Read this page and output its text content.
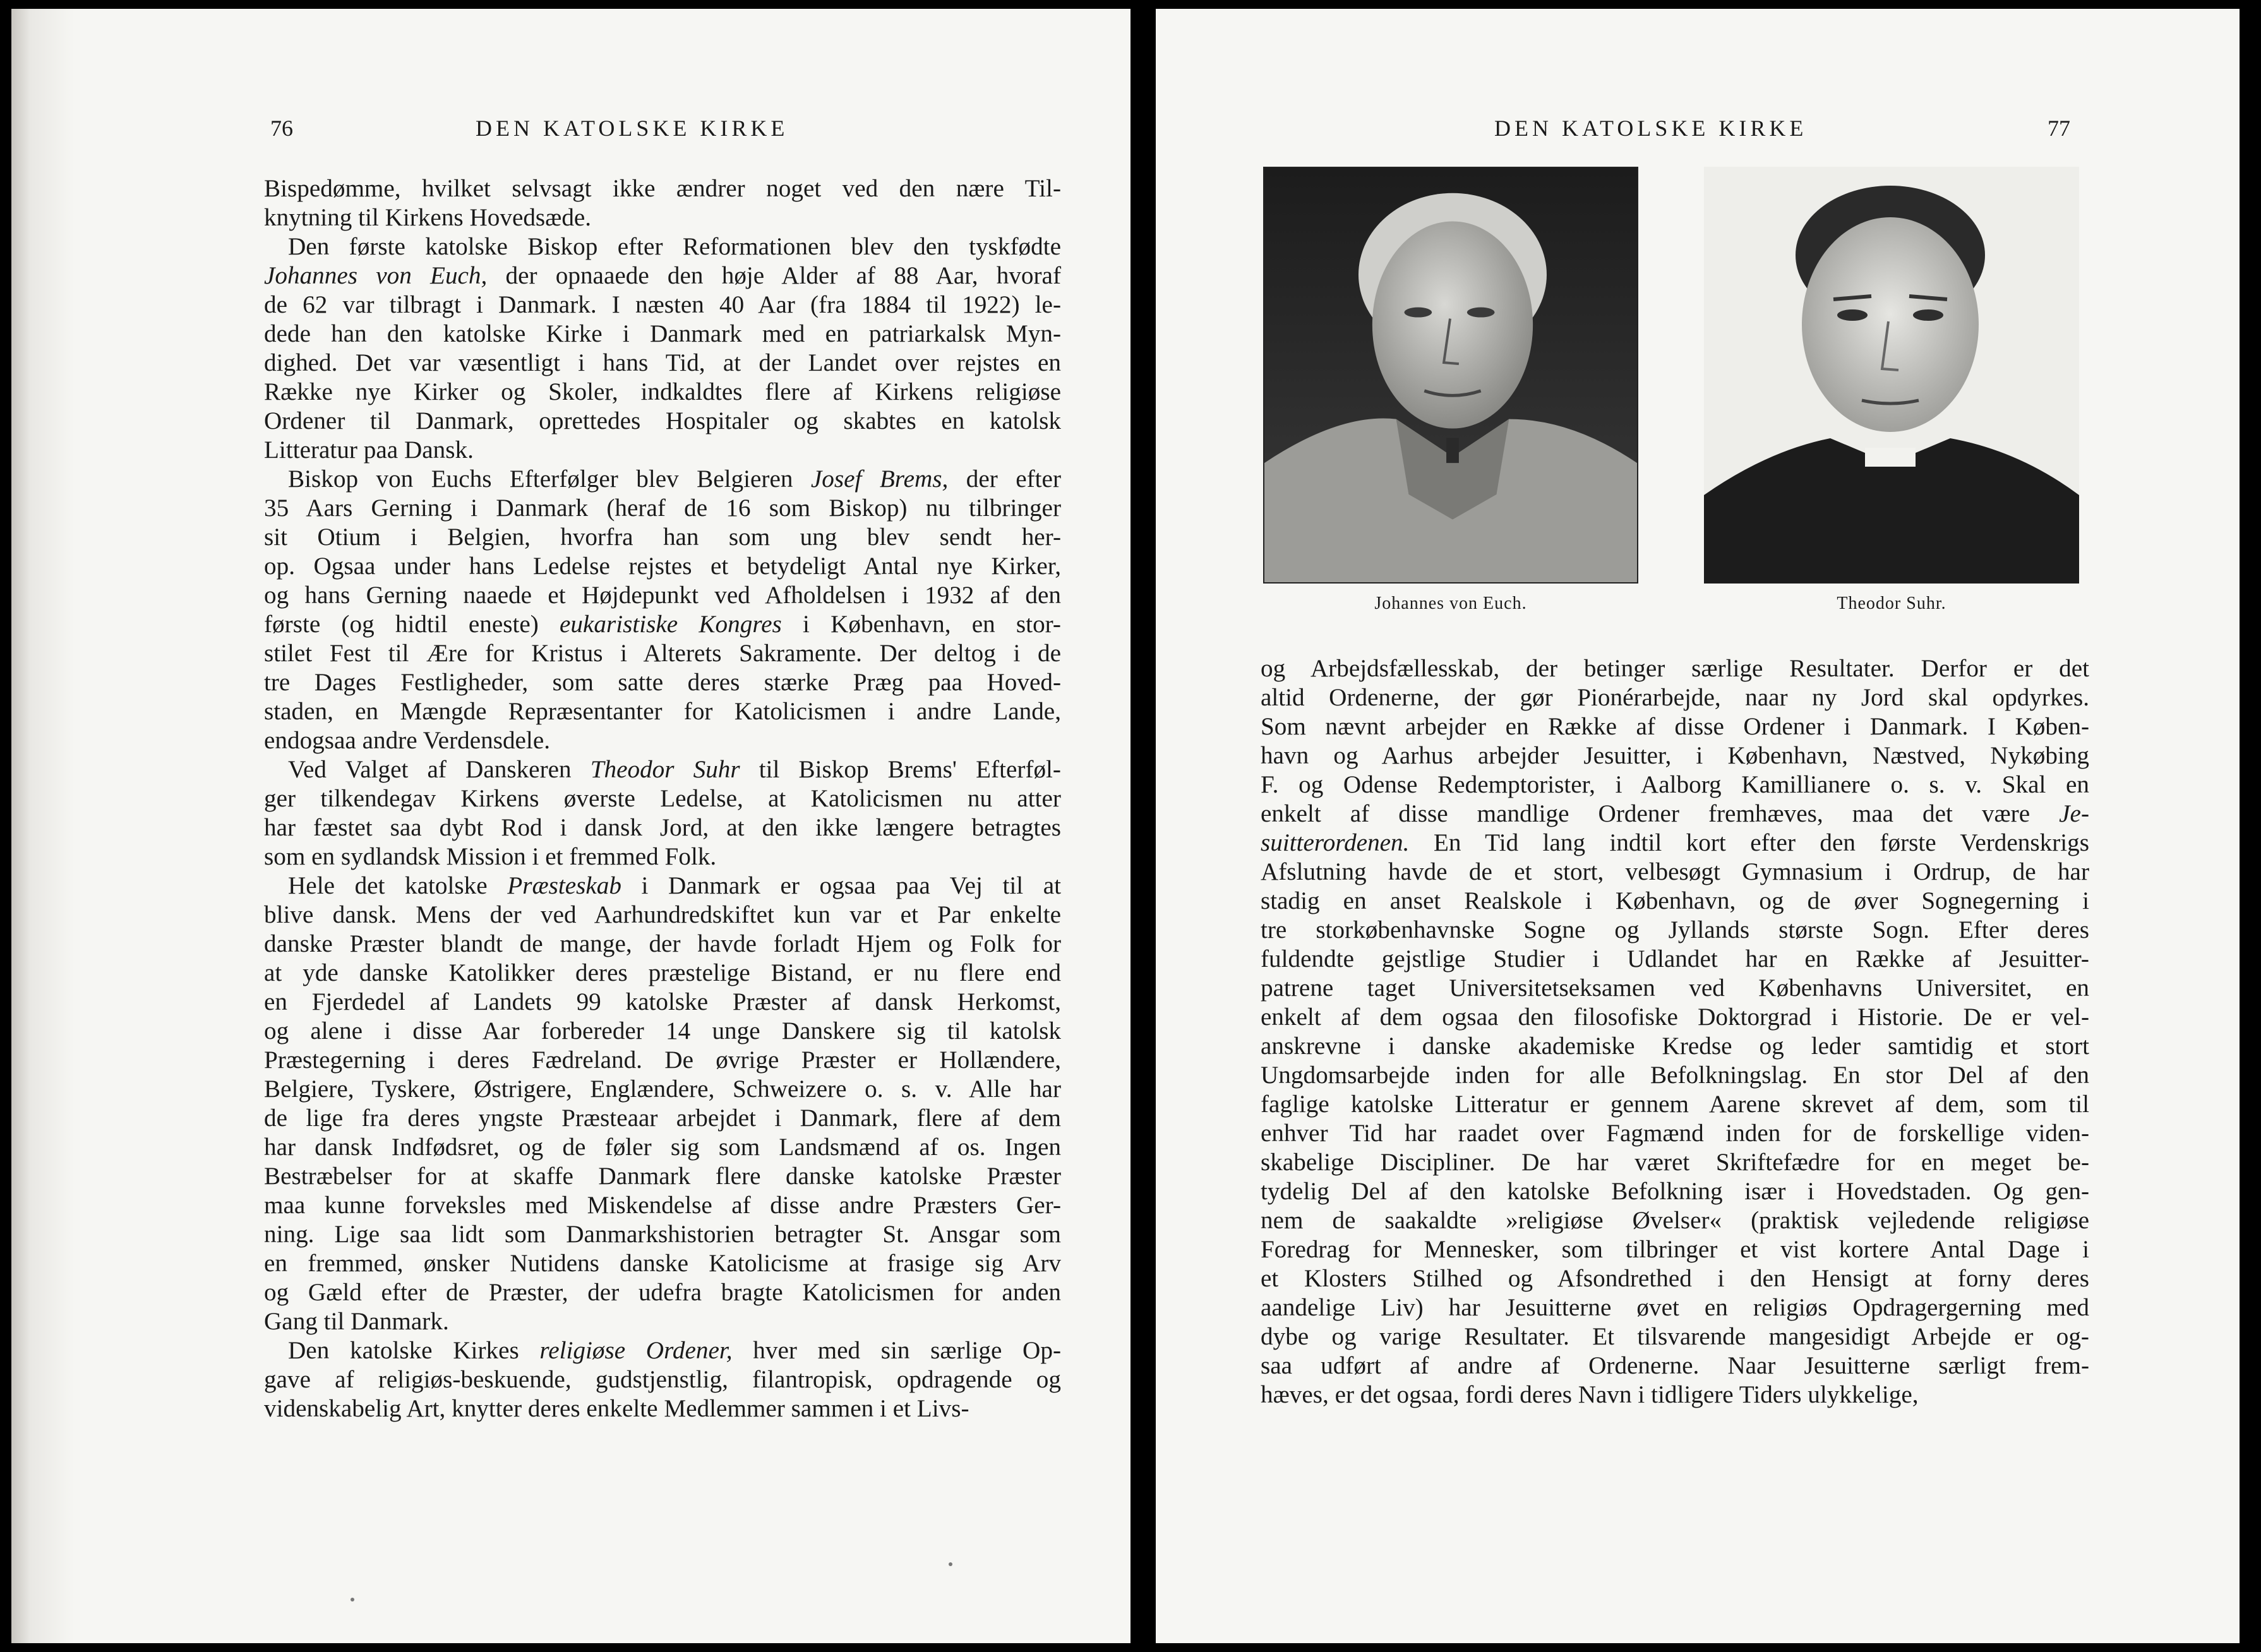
76	DEN KATOLSKE KIRKE

Bispedømme, hvilket selvsagt ikke ændrer noget ved den nære Til-
knytning til Kirkens Hovedsæde.

Den første katolske Biskop efter Reformationen blev den tyskfødte
Johannes von Euch, der opnaaede den høje Alder af 88 Aar, hvoraf
de 62 var tilbragt i Danmark. I næsten 40 Aar (fra 1884 til 1922) le-
dede han den katolske Kirke i Danmark med en patriarkalsk Myn-
dighed. Det var væsentligt i hans Tid, at der Landet over rejstes en
Række nye Kirker og Skoler, indkaldtes flere af Kirkens religiøse
Ordener til Danmark, oprettedes Hospitaler og skabtes en katolsk
Litteratur paa Dansk.

Biskop von Euchs Efterfølger blev Belgieren Josef Brems, der efter
35 Aars Gerning i Danmark (heraf de 16 som Biskop) nu tilbringer
sit Otium i Belgien, hvorfra han som ung blev sendt her-
op. Ogsaa under hans Ledelse rejstes et betydeligt Antal nye Kirker,
og hans Gerning naaede et Højdepunkt ved Afholdelsen i 1932 af den
første (og hidtil eneste) eukaristiske Kongres i København, en stor-
stilet Fest til Ære for Kristus i Alterets Sakramente. Der deltog i de
tre Dages Festligheder, som satte deres stærke Præg paa Hoved-
staden, en Mængde Repræsentanter for Katolicismen i andre Lande,
endogsaa andre Verdensdele.

Ved Valget af Danskeren Theodor Suhr til Biskop Brems' Efterføl-
ger tilkendegav Kirkens øverste Ledelse, at Katolicismen nu atter
har fæstet saa dybt Rod i dansk Jord, at den ikke længere betragtes
som en sydlandsk Mission i et fremmed Folk.

Hele det katolske Præsteskab i Danmark er ogsaa paa Vej til at
blive dansk. Mens der ved Aarhundredskiftet kun var et Par enkelte
danske Præster blandt de mange, der havde forladt Hjem og Folk for
at yde danske Katolikker deres præstelige Bistand, er nu flere end
en Fjerdedel af Landets 99 katolske Præster af dansk Herkomst,
og alene i disse Aar forbereder 14 unge Danskere sig til katolsk
Præstegerning i deres Fædreland. De øvrige Præster er Hollændere,
Belgiere, Tyskere, Østrigere, Englændere, Schweizere o. s. v. Alle har
de lige fra deres yngste Præsteaar arbejdet i Danmark, flere af dem
har dansk Indfødsret, og de føler sig som Landsmænd af os. Ingen
Bestræbelser for at skaffe Danmark flere danske katolske Præster
maa kunne forveksles med Miskendelse af disse andre Præsters Ger-
ning. Lige saa lidt som Danmarkshistorien betragter St. Ansgar som
en fremmed, ønsker Nutidens danske Katolicisme at frasige sig Arv
og Gæld efter de Præster, der udefra bragte Katolicismen for anden
Gang til Danmark.

Den katolske Kirkes religiøse Ordener, hver med sin særlige Op-
gave af religiøs-beskuende, gudstjenstlig, filantropisk, opdragende og
videnskabelig Art, knytter deres enkelte Medlemmer sammen i et Livs-

DEN KATOLSKE KIRKE	77
Johannes von Euch.	Theodor Suhr.

og Arbejdsfællesskab, der betinger særlige Resultater. Derfor er det
altid Ordenerne, der gør Pionérarbejde, naar ny Jord skal opdyrkes.
Som nævnt arbejder en Række af disse Ordener i Danmark. I Køben-
havn og Aarhus arbejder Jesuitter, i København, Næstved, Nykøbing
F. og Odense Redemptorister, i Aalborg Kamillianere o. s. v. Skal en
enkelt af disse mandlige Ordener fremhæves, maa det være Je-
suitterordenen. En Tid lang indtil kort efter den første Verdenskrigs
Afslutning havde de et stort, velbesøgt Gymnasium i Ordrup, de har
stadig en anset Realskole i København, og de øver Sognegerning i
tre storkøbenhavnske Sogne og Jyllands største Sogn. Efter deres
fuldendte gejstlige Studier i Udlandet har en Række af Jesuitter-
patrene taget Universitetseksamen ved Københavns Universitet, en
enkelt af dem ogsaa den filosofiske Doktorgrad i Historie. De er vel-
anskrevne i danske akademiske Kredse og leder samtidig et stort
Ungdomsarbejde inden for alle Befolkningslag. En stor Del af den
faglige katolske Litteratur er gennem Aarene skrevet af dem, som til
enhver Tid har raadet over Fagmænd inden for de forskellige viden-
skabelige Discipliner. De har været Skriftefædre for en meget be-
tydelig Del af den katolske Befolkning især i Hovedstaden. Og gen-
nem de saakaldte »religiøse Øvelser« (praktisk vejledende religiøse
Foredrag for Mennesker, som tilbringer et vist kortere Antal Dage i
et Klosters Stilhed og Afsondrethed i den Hensigt at forny deres
aandelige Liv) har Jesuitterne øvet en religiøs Opdragergerning med
dybe og varige Resultater. Et tilsvarende mangesidigt Arbejde er og-
saa udført af andre af Ordenerne. Naar Jesuitterne særligt frem-
hæves, er det ogsaa, fordi deres Navn i tidligere Tiders ulykkelige,
